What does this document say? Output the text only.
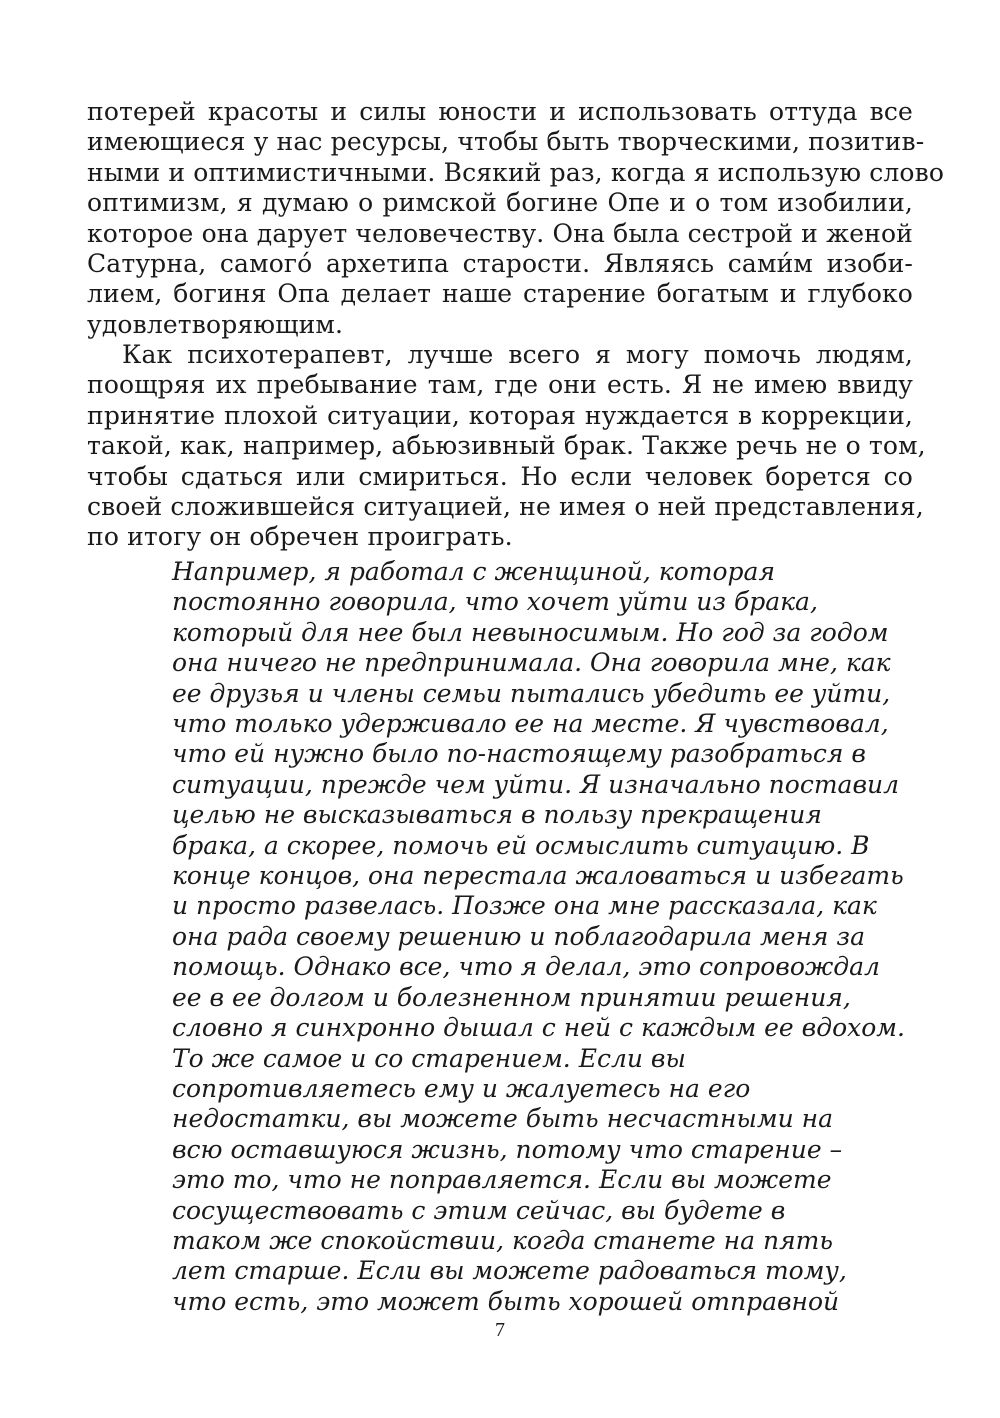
потерей красоты и силы юности и использовать оттуда все
имеющиеся у нас ресурсы, чтобы быть творческими, позитив-
ными и оптимистичными. Всякий раз, когда я использую слово
оптимизм, я думаю о римской богине Опе и о том изобилии,
которое она дарует человечеству. Она была сестрой и женой
Сатурна, самого́ архетипа старости. Являясь сами́м изоби-
лием, богиня Опа делает наше старение богатым и глубоко
удовлетворяющим.

Как психотерапевт, лучше всего я могу помочь людям,
поощряя их пребывание там, где они есть. Я не имею ввиду
принятие плохой ситуации, которая нуждается в коррекции,
такой, как, например, абьюзивный брак. Также речь не о том,
чтобы сдаться или смириться. Но если человек борется со
своей сложившейся ситуацией, не имея о ней представления,
по итогу он обречен проиграть.

Например, я работал с женщиной, которая
постоянно говорила, что хочет уйти из брака,
который для нее был невыносимым. Но год за годом
она ничего не предпринимала. Она говорила мне, как
ее друзья и члены семьи пытались убедить ее уйти,
что только удерживало ее на месте. Я чувствовал,
что ей нужно было по-настоящему разобраться в
ситуации, прежде чем уйти. Я изначально поставил
целью не высказываться в пользу прекращения
брака, а скорее, помочь ей осмыслить ситуацию. В
конце концов, она перестала жаловаться и избегать
и просто развелась. Позже она мне рассказала, как
она рада своему решению и поблагодарила меня за
помощь. Однако все, что я делал, это сопровождал
ее в ее долгом и болезненном принятии решения,
словно я синхронно дышал с ней с каждым ее вдохом.
То же самое и со старением. Если вы
сопротивляетесь ему и жалуетесь на его
недостатки, вы можете быть несчастными на
всю оставшуюся жизнь, потому что старение –
это то, что не поправляется. Если вы можете
сосуществовать с этим сейчас, вы будете в
таком же спокойствии, когда станете на пять
лет старше. Если вы можете радоваться тому,
что есть, это может быть хорошей отправной

7
